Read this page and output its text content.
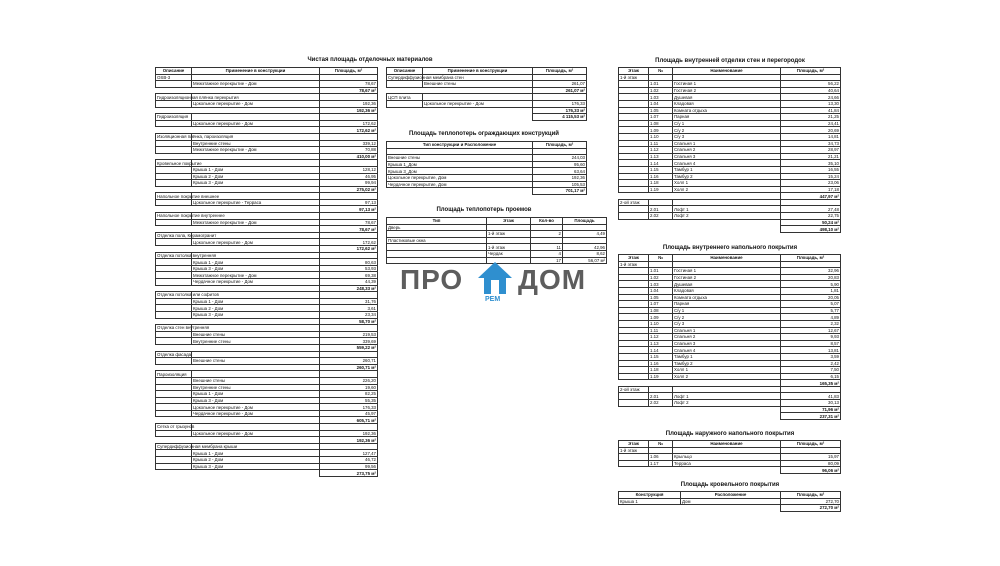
Чистая площадь отделочных материалов
Площадь теплопотерь ограждающих конструкций
Площадь теплопотерь проемов
Площадь внутренней отделки стен и перегородок
Площадь внутреннего напольного покрытия
Площадь наружного напольного покрытия
Площадь кровельного покрытия
Описание	Применение в конструкции	Площадь, м²
OSB-3		
	Межэтажное перекрытие - Дом	78,67
		78,67 м²
Гидроизоляционная плёнка перекрытия		
	Цокольное перекрытие - Дом	192,36
		192,36 м²
Гидроизоляция		
	Цокольное перекрытие - Дом	172,62
		172,62 м²
Изоляционная плёнка, пароизоляция		
	Внутренние стены	339,12
	Межэтажное перекрытие - Дом	70,88
		410,00 м²
Кровельное покрытие		
	Крыша 1 - Дом	128,12
	Крыша 2 - Дом	46,95
	Крыша 3 - Дом	99,94
		275,02 м²
Напольное покрытие внешнее		
	Цокольное перекрытие - Терраса	97,13
		97,13 м²
Напольное покрытие внутреннее		
	Межэтажное перекрытие - Дом	78,67
		78,67 м²
Отделка пола, Керамогранит		
	Цокольное перекрытие - Дом	172,62
		172,62 м²
Отделка потолка внутренняя		
	Крыша 1 - Дом	80,63
	Крыша 3 - Дом	53,93
	Межэтажное перекрытие - Дом	69,38
	Чердачное перекрытие - Дом	44,39
		248,33 м²
Отделка потолка или софитов		
	Крыша 1 - Дом	31,76
	Крыша 2 - Дом	3,61
	Крыша 3 - Дом	23,34
		58,70 м²
Отделка стен внутренняя		
	Внешние стены	219,53
	Внутренние стены	339,69
		559,22 м²
Отделка фасада		
	Внешние стены	260,71
		260,71 м²
Пароизоляция		
	Внешние стены	226,20
	Внутренние стены	19,60
	Крыша 1 - Дом	82,25
	Крыша 3 - Дом	55,35
	Цокольное перекрытие - Дом	176,33
	Чердачное перекрытие - Дом	45,97
		605,71 м²
Сетка от грызунов		
	Цокольное перекрытие - Дом	192,36
		192,36 м²
Супердиффузионная мембрана крыши		
	Крыша 1 - Дом	127,47
	Крыша 2 - Дом	46,72
	Крыша 3 - Дом	99,56
		273,75 м²
Описание	Применение в конструкции	Площадь, м²
Супердиффузионная мембрана стен		
	Внешние стены	261,07
		261,07 м²
ЦСП плита		
	Цокольное перекрытие - Дом	176,33
		176,33 м²
		4 115,53 м²
Тип конструкции и Расположение	Площадь, м²

Внешние стены	244,03
Крыша 1_Дом	95,60
Крыша 3_Дом	63,64
Цокольное перекрытие, Дом	192,36
Чердачное перекрытие, Дом	105,53
	701,17 м²
Тип	Этаж	Кол-во	Площадь
Дверь			
	1-й этаж	2	4,49
Пластиковые окна			
	1-й этаж	11	42,96
	Чердак	4	8,62
		17	56,07 м²
Этаж	№	Наименование	Площадь, м²
1-й этаж			
	1.01	Гостиная 1	56,22
	1.02	Гостиная 2	40,64
	1.03	Душевая	24,66
	1.04	Кладовая	13,30
	1.05	Комната отдыха	41,84
	1.07	Парная	21,25
	1.08	С/у 1	24,41
	1.09	С/у 2	20,69
	1.10	С/у 3	14,81
	1.11	Спальня 1	34,73
	1.12	Спальня 2	28,97
	1.13	Спальня 3	21,21
	1.14	Спальня 4	35,10
	1.15	Тамбур 1	16,55
	1.16	Тамбур 2	15,24
	1.18	Холл 1	23,06
	1.19	Холл 2	17,18
			447,97 м²
2-ой этаж			
	2.01	Лофт 1	27,48
	2.02	Лофт 2	22,75
			50,24 м²
			498,10 м²
Этаж	№	Наименование	Площадь, м²
1-й этаж			
	1.01	Гостиная 1	32,96
	1.02	Гостиная 2	20,83
	1.03	Душевая	5,90
	1.04	Кладовая	1,81
	1.05	Комната отдыха	20,05
	1.07	Парная	5,07
	1.08	С/у 1	5,77
	1.09	С/у 2	4,89
	1.10	С/у 3	2,32
	1.11	Спальня 1	12,67
	1.12	Спальня 2	9,93
	1.13	Спальня 3	8,57
	1.14	Спальня 4	13,81
	1.15	Тамбур 1	3,59
	1.16	Тамбур 2	2,42
	1.18	Холл 1	7,50
	1.19	Холл 2	6,15
			165,35 м²
2-ой этаж			
	2.01	Лофт 1	41,83
	2.02	Лофт 2	30,13
			71,96 м²
			237,31 м²
Этаж	№	Наименование	Площадь, м²
1-й этаж			
	1.06	Крыльцо	15,97
	1.17	Терраса	80,09
			96,06 м²
Конструкция	Расположение	Площадь, м²
Крыша 1	Дом	272,70
		272,70 м²
ПРО
РЕМ
ДОМ
